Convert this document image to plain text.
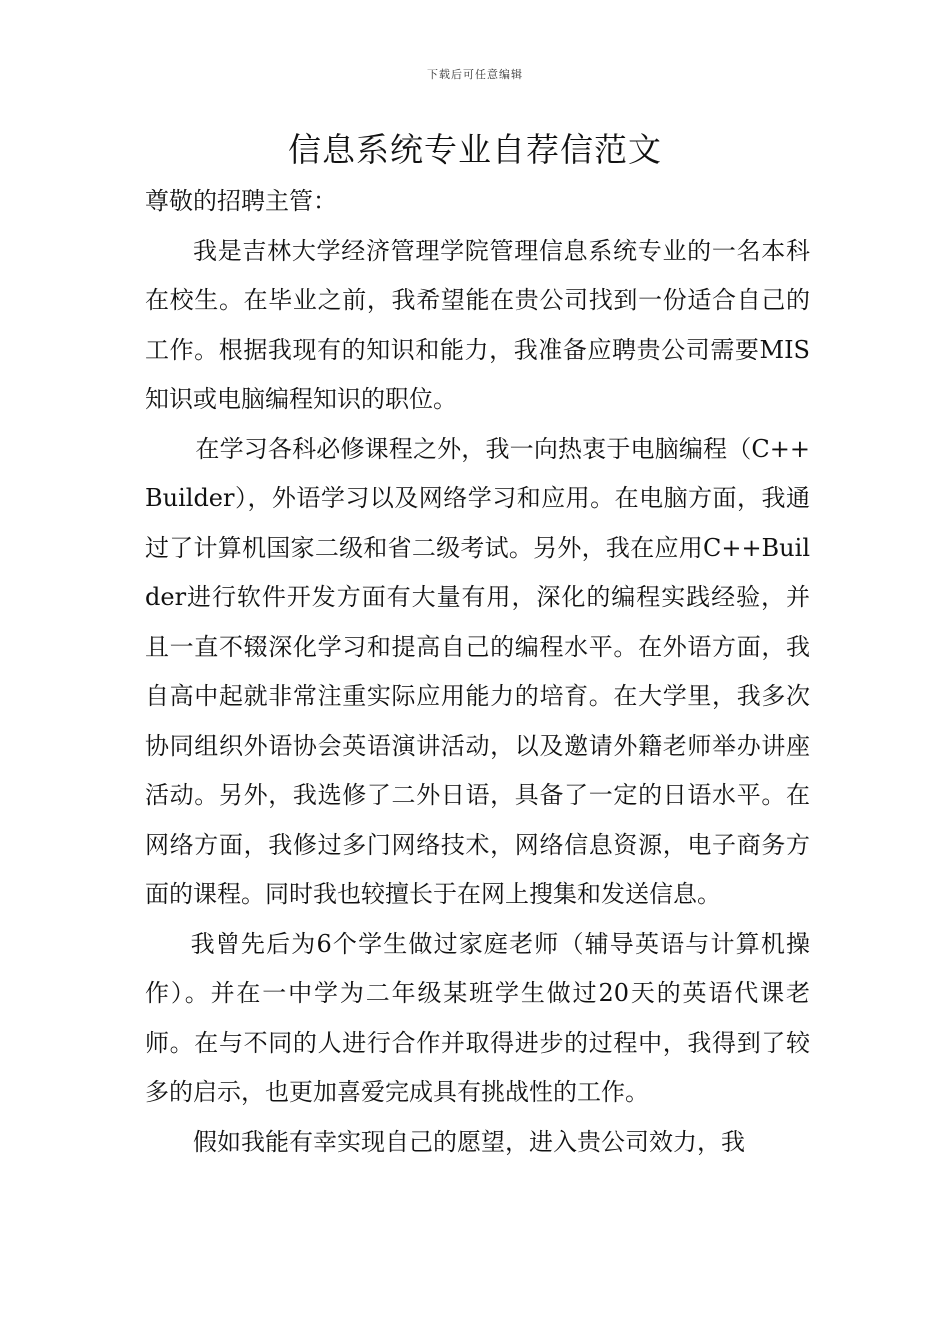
下载后可任意编辑
信息系统专业自荐信范文

尊敬的招聘主管：

我是吉林大学经济管理学院管理信息系统专业的一名本科在校生。在毕业之前，我希望能在贵公司找到一份适合自己的工作。根据我现有的知识和能力，我准备应聘贵公司需要MIS知识或电脑编程知识的职位。

在学习各科必修课程之外，我一向热衷于电脑编程（C++Builder），外语学习以及网络学习和应用。在电脑方面，我通过了计算机国家二级和省二级考试。另外，我在应用C++Builder进行软件开发方面有大量有用，深化的编程实践经验，并且一直不辍深化学习和提高自己的编程水平。在外语方面，我自高中起就非常注重实际应用能力的培育。在大学里，我多次协同组织外语协会英语演讲活动，以及邀请外籍老师举办讲座活动。另外，我选修了二外日语，具备了一定的日语水平。在网络方面，我修过多门网络技术，网络信息资源，电子商务方面的课程。同时我也较擅长于在网上搜集和发送信息。

我曾先后为6个学生做过家庭老师（辅导英语与计算机操作）。并在一中学为二年级某班学生做过20天的英语代课老师。在与不同的人进行合作并取得进步的过程中，我得到了较多的启示，也更加喜爱完成具有挑战性的工作。

假如我能有幸实现自己的愿望，进入贵公司效力，我
